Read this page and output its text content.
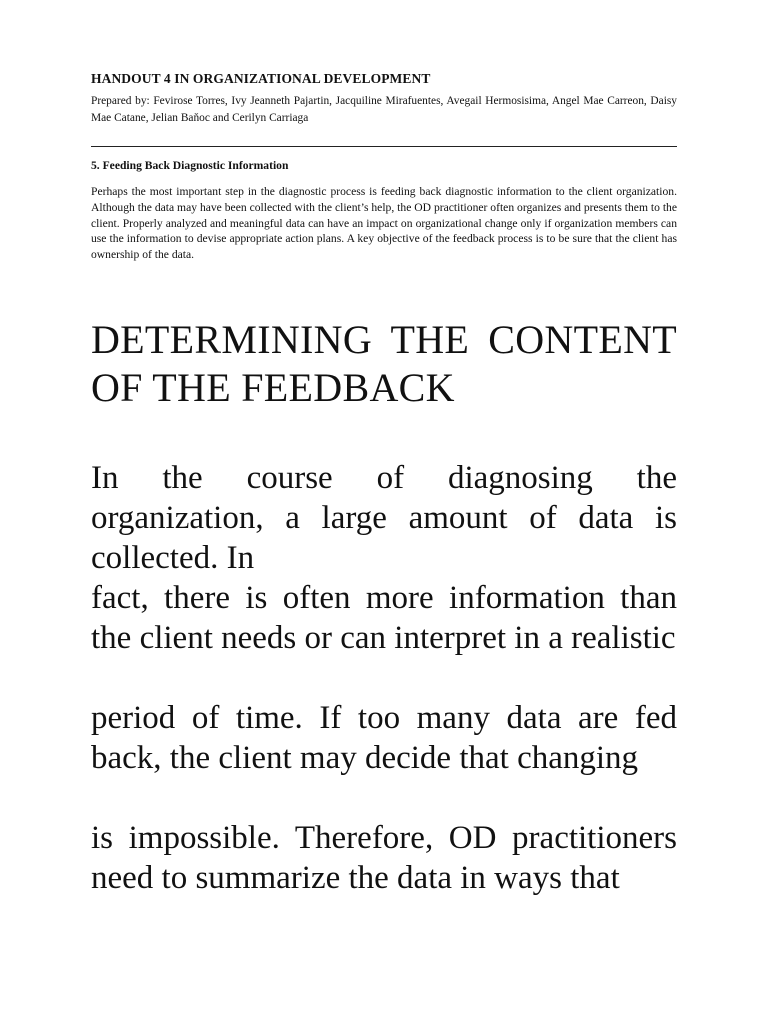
HANDOUT 4 IN ORGANIZATIONAL DEVELOPMENT
Prepared by: Fevirose Torres, Ivy Jeanneth Pajartin, Jacquiline Mirafuentes, Avegail Hermosisima, Angel Mae Carreon, Daisy Mae Catane, Jelian Baňoc and Cerilyn Carriaga
5. Feeding Back Diagnostic Information
Perhaps the most important step in the diagnostic process is feeding back diagnostic information to the client organization. Although the data may have been collected with the client’s help, the OD practitioner often organizes and presents them to the client. Properly analyzed and meaningful data can have an impact on organizational change only if organization members can use the information to devise appropriate action plans. A key objective of the feedback process is to be sure that the client has ownership of the data.
DETERMINING THE CONTENT OF THE FEEDBACK
In the course of diagnosing the organization, a large amount of data is collected. In
fact, there is often more information than the client needs or can interpret in a realistic
period of time. If too many data are fed back, the client may decide that changing
is impossible. Therefore, OD practitioners need to summarize the data in ways that
